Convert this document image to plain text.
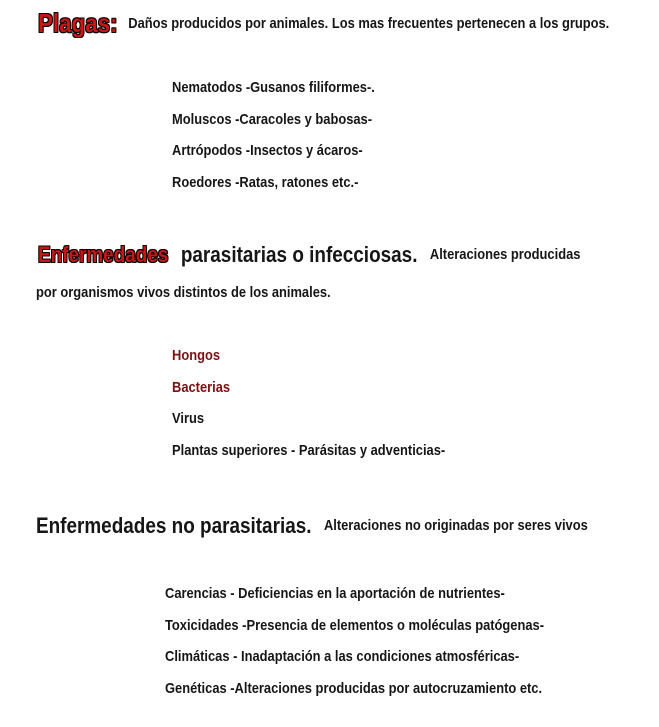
Plagas: Daños producidos por animales. Los mas frecuentes pertenecen a los grupos.
Nematodos -Gusanos filiformes-.
Moluscos -Caracoles y babosas-
Artrópodos -Insectos y ácaros-
Roedores -Ratas, ratones etc.-
Enfermedades parasitarias o infecciosas. Alteraciones producidas
por organismos vivos distintos de los animales.
Hongos
Bacterias
Virus
Plantas superiores - Parásitas y adventicias-
Enfermedades no parasitarias. Alteraciones no originadas por seres vivos
Carencias - Deficiencias en la aportación de nutrientes-
Toxicidades -Presencia de elementos o moléculas patógenas-
Climáticas - Inadaptación a las condiciones atmosféricas-
Genéticas -Alteraciones producidas por autocruzamiento etc.
